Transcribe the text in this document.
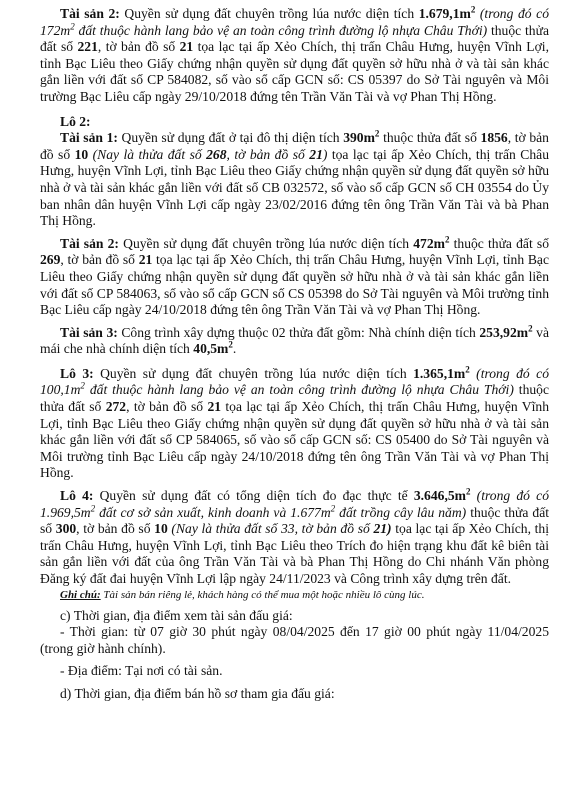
Tài sản 2: Quyền sử dụng đất chuyên trồng lúa nước diện tích $1.679,1m^2$ (trong đó có $172m^2$ đất thuộc hành lang bảo vệ an toàn công trình đường lộ nhựa Châu Thới) thuộc thửa đất số 221, tờ bản đồ số 21 tọa lạc tại ấp Xẻo Chích, thị trấn Châu Hưng, huyện Vĩnh Lợi, tỉnh Bạc Liêu theo Giấy chứng nhận quyền sử dụng đất quyền sở hữu nhà ở và tài sản khác gắn liền với đất số CP 584082, số vào sổ cấp GCN số: CS 05397 do Sở Tài nguyên và Môi trường Bạc Liêu cấp ngày 29/10/2018 đứng tên Trần Văn Tài và vợ Phan Thị Hồng.

Lô 2:

Tài sản 1: Quyền sử dụng đất ở tại đô thị diện tích $390m^2$ thuộc thửa đất số 1856, tờ bản đồ số 10 (Nay là thửa đất số 268, tờ bản đồ số 21) tọa lạc tại ấp Xẻo Chích, thị trấn Châu Hưng, huyện Vĩnh Lợi, tỉnh Bạc Liêu theo Giấy chứng nhận quyền sử dụng đất quyền sở hữu nhà ở và tài sản khác gắn liền với đất số CB 032572, số vào sổ cấp GCN số CH 03554 do Ủy ban nhân dân huyện Vĩnh Lợi cấp ngày 23/02/2016 đứng tên ông Trần Văn Tài và bà Phan Thị Hồng.

Tài sản 2: Quyền sử dụng đất chuyên trồng lúa nước diện tích $472m^2$ thuộc thửa đất số 269, tờ bản đồ số 21 tọa lạc tại ấp Xẻo Chích, thị trấn Châu Hưng, huyện Vĩnh Lợi, tỉnh Bạc Liêu theo Giấy chứng nhận quyền sử dụng đất quyền sở hữu nhà ở và tài sản khác gắn liền với đất số CP 584063, số vào sổ cấp GCN số CS 05398 do Sở Tài nguyên và Môi trường tỉnh Bạc Liêu cấp ngày 24/10/2018 đứng tên ông Trần Văn Tài và vợ Phan Thị Hồng.

Tài sản 3: Công trình xây dựng thuộc 02 thửa đất gồm: Nhà chính diện tích $253,92m^2$ và mái che nhà chính diện tích $40,5m^2$.

Lô 3: Quyền sử dụng đất chuyên trồng lúa nước diện tích $1.365,1m^2$ (trong đó có $100,1m^2$ đất thuộc hành lang bảo vệ an toàn công trình đường lộ nhựa Châu Thới) thuộc thửa đất số 272, tờ bản đồ số 21 tọa lạc tại ấp Xẻo Chích, thị trấn Châu Hưng, huyện Vĩnh Lợi, tỉnh Bạc Liêu theo Giấy chứng nhận quyền sử dụng đất quyền sở hữu nhà ở và tài sản khác gắn liền với đất số CP 584065, số vào sổ cấp GCN số: CS 05400 do Sở Tài nguyên và Môi trường tỉnh Bạc Liêu cấp ngày 24/10/2018 đứng tên ông Trần Văn Tài và vợ Phan Thị Hồng.

Lô 4: Quyền sử dụng đất có tổng diện tích đo đạc thực tế $3.646,5m^2$ (trong đó có $1.969,5m^2$ đất cơ sở sản xuất, kinh doanh và $1.677m^2$ đất trồng cây lâu năm) thuộc thửa đất số 300, tờ bản đồ số 10 (Nay là thửa đất số 33, tờ bản đồ số 21) tọa lạc tại ấp Xẻo Chích, thị trấn Châu Hưng, huyện Vĩnh Lợi, tỉnh Bạc Liêu theo Trích đo hiện trạng khu đất kê biên tài sản gắn liền với đất của ông Trần Văn Tài và bà Phan Thị Hồng do Chi nhánh Văn phòng Đăng ký đất đai huyện Vĩnh Lợi lập ngày 24/11/2023 và Công trình xây dựng trên đất.

Ghi chú: Tài sản bán riêng lẻ, khách hàng có thể mua một hoặc nhiều lô cùng lúc.

c) Thời gian, địa điểm xem tài sản đấu giá:

- Thời gian: từ 07 giờ 30 phút ngày 08/04/2025 đến 17 giờ 00 phút ngày 11/04/2025 (trong giờ hành chính).

- Địa điểm: Tại nơi có tài sản.

d) Thời gian, địa điểm bán hồ sơ tham gia đấu giá:
